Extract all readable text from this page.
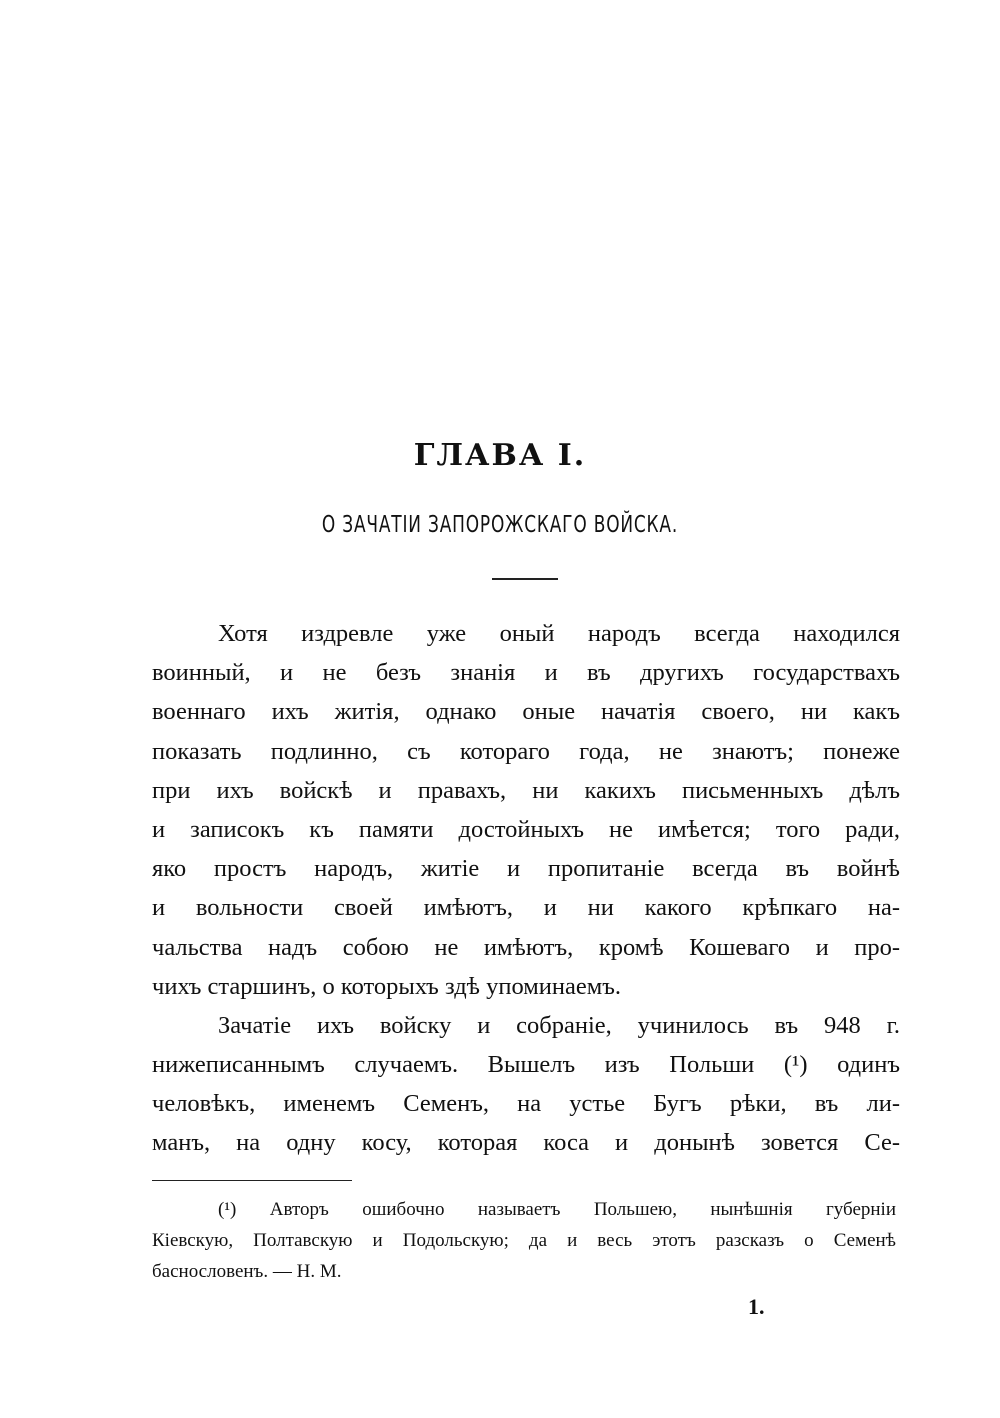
ГЛАВА I.
О ЗАЧАТІИ ЗАПОРОЖСКАГО ВОЙСКА.
Хотя издревле уже оный народъ всегда находился
воинный, и не безъ знанія и въ другихъ государствахъ
военнаго ихъ житія, однако оные начатія своего, ни какъ
показать подлинно, съ котораго года, не знаютъ; понеже
при ихъ войскѣ и правахъ, ни какихъ письменныхъ дѣлъ
и записокъ къ памяти достойныхъ не имѣется; того ради,
яко простъ народъ, житіе и пропитаніе всегда въ войнѣ
и вольности своей имѣютъ, и ни какого крѣпкаго на-
чальства надъ собою не имѣютъ, кромѣ Кошеваго и про-
чихъ старшинъ, о которыхъ здѣ упоминаемъ.
Зачатіе ихъ войску и собраніе, учинилось въ 948 г.
нижеписаннымъ случаемъ. Вышелъ изъ Польши (¹) одинъ
человѣкъ, именемъ Семенъ, на устье Бугъ рѣки, въ ли-
манъ, на одну косу, которая коса и донынѣ зовется Се-
(¹) Авторъ ошибочно называетъ Польшею, нынѣшнія губерніи
Кіевскую, Полтавскую и Подольскую; да и весь этотъ разсказъ о Семенѣ
баснословенъ. — Н. М.
1.
